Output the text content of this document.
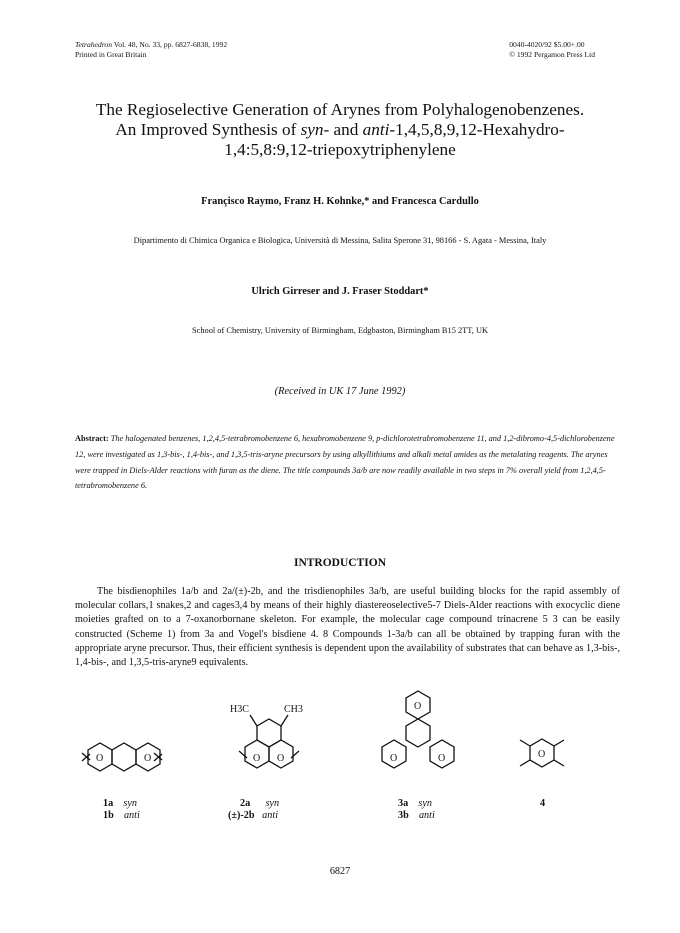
Tetrahedron Vol. 48, No. 33, pp. 6827-6838, 1992
Printed in Great Britain
0040-4020/92 $5.00+.00
© 1992 Pergamon Press Ltd
The Regioselective Generation of Arynes from Polyhalogenobenzenes.
An Improved Synthesis of syn- and anti-1,4,5,8,9,12-Hexahydro-
1,4:5,8:9,12-triepoxytriphenylene
Françisco Raymo, Franz H. Kohnke,* and Francesca Cardullo
Dipartimento di Chimica Organica e Biologica, Università di Messina, Salita Sperone 31, 98166 - S. Agata - Messina, Italy
Ulrich Girreser and J. Fraser Stoddart*
School of Chemistry, University of Birmingham, Edgbaston, Birmingham B15 2TT, UK
(Received in UK 17 June 1992)
Abstract: The halogenated benzenes, 1,2,4,5-tetrabromobenzene 6, hexabromobenzene 9, p-dichlorotetrabromobenzene 11, and 1,2-dibromo-4,5-dichlorobenzene 12, were investigated as 1,3-bis-, 1,4-bis-, and 1,3,5-tris-aryne precursors by using alkyllithiums and alkali metal amides as the metalating reagents. The arynes were trapped in Diels-Alder reactions with furan as the diene. The title compounds 3a/b are now readily available in two steps in 7% overall yield from 1,2,4,5-tetrabromobenzene 6.
INTRODUCTION
The bisdienophiles 1a/b and 2a/(±)-2b, and the trisdienophiles 3a/b, are useful building blocks for the rapid assembly of molecular collars,1 snakes,2 and cages3,4 by means of their highly diastereoselective5-7 Diels-Alder reactions with exocyclic diene moieties grafted on to a 7-oxanorbornane skeleton. For example, the molecular cage compound trinacrene 5 3 can be easily constructed (Scheme 1) from 3a and Vogel's bisdiene 4. 8 Compounds 1-3a/b can all be obtained by trapping furan with the appropriate aryne precursor. Thus, their efficient synthesis is dependent upon the availability of substrates that can behave as 1,3-bis-, 1,4-bis-, and 1,3,5-tris-aryne9 equivalents.
O	O	O O
H3C	CH3	O
O	O	O
1a syn
1b anti
2a syn
(±)-2b anti
3a syn
3b anti
4
6827
